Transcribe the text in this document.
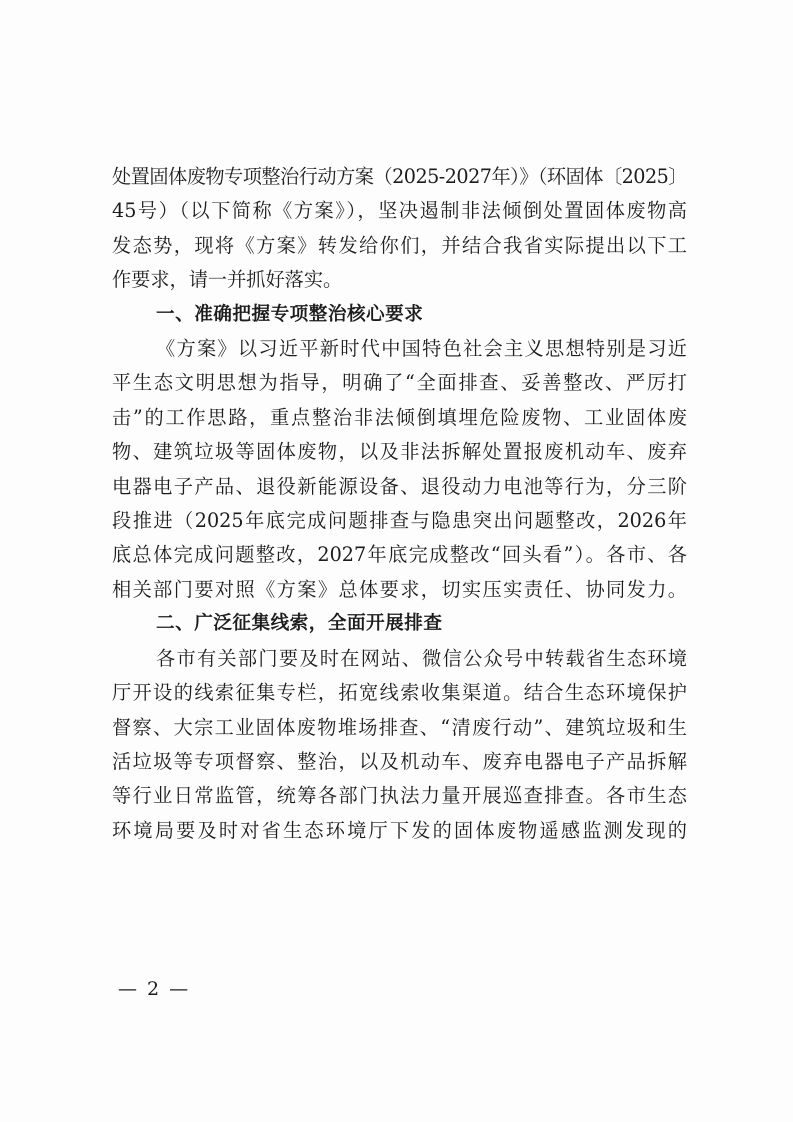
处置固体废物专项整治行动方案（2025-2027年）》（环固体〔2025〕
45号）（以下简称《方案》），坚决遏制非法倾倒处置固体废物高
发态势，现将《方案》转发给你们，并结合我省实际提出以下工
作要求，请一并抓好落实。

一、准确把握专项整治核心要求

《方案》以习近平新时代中国特色社会主义思想特别是习近
平生态文明思想为指导，明确了“全面排查、妥善整改、严厉打
击”的工作思路，重点整治非法倾倒填埋危险废物、工业固体废
物、建筑垃圾等固体废物，以及非法拆解处置报废机动车、废弃
电器电子产品、退役新能源设备、退役动力电池等行为，分三阶
段推进（2025年底完成问题排查与隐患突出问题整改，2026年
底总体完成问题整改，2027年底完成整改“回头看”）。各市、各
相关部门要对照《方案》总体要求，切实压实责任、协同发力。

二、广泛征集线索，全面开展排查

各市有关部门要及时在网站、微信公众号中转载省生态环境
厅开设的线索征集专栏，拓宽线索收集渠道。结合生态环境保护
督察、大宗工业固体废物堆场排查、“清废行动”、建筑垃圾和生
活垃圾等专项督察、整治，以及机动车、废弃电器电子产品拆解
等行业日常监管，统筹各部门执法力量开展巡查排查。各市生态
环境局要及时对省生态环境厅下发的固体废物遥感监测发现的

— 2 —
